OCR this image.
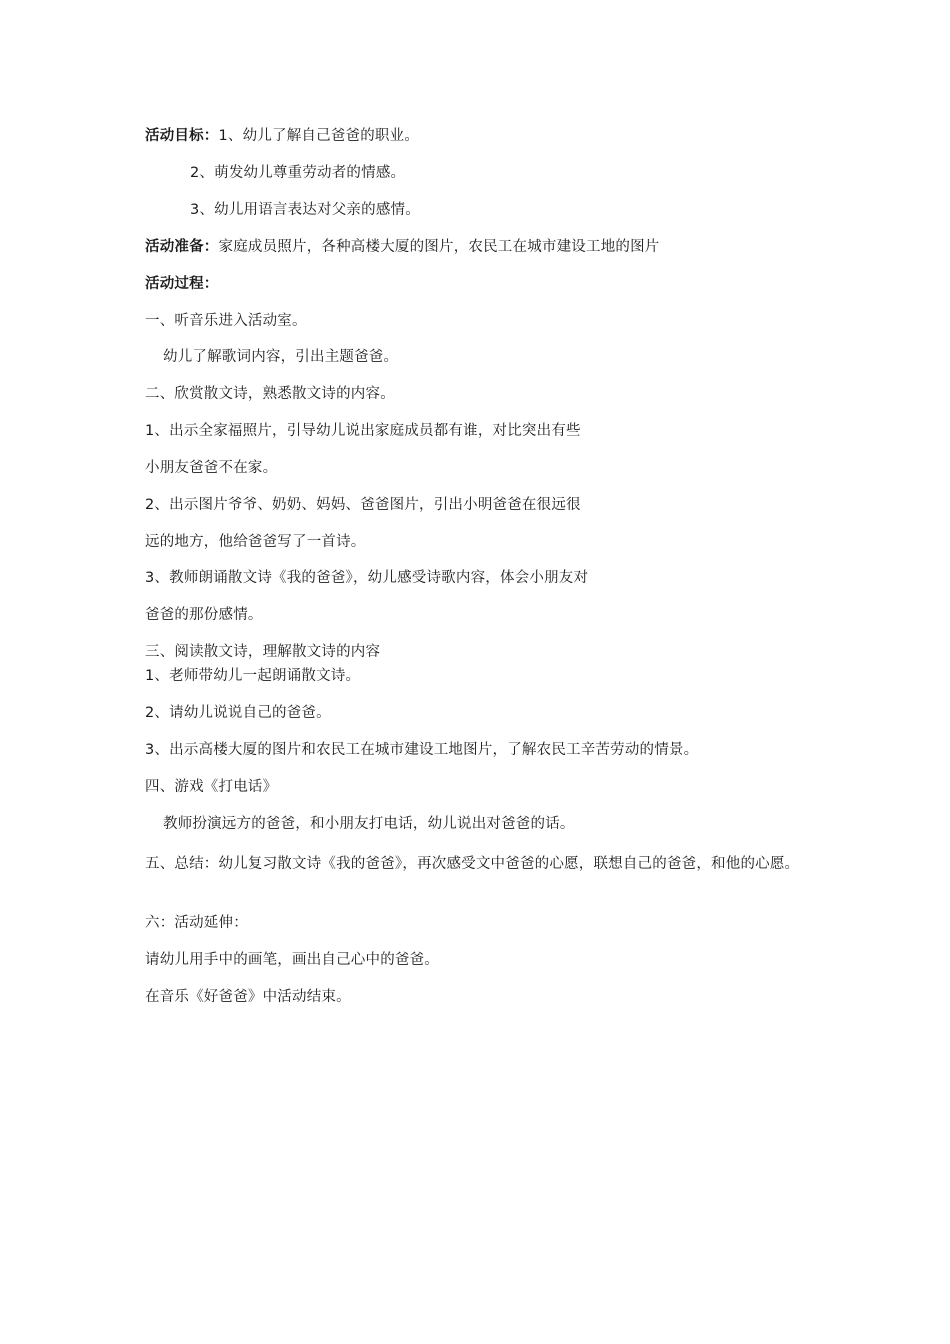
活动目标：1、幼儿了解自己爸爸的职业。
2、萌发幼儿尊重劳动者的情感。
3、幼儿用语言表达对父亲的感情。
活动准备：家庭成员照片，各种高楼大厦的图片，农民工在城市建设工地的图片
活动过程：
一、听音乐进入活动室。
幼儿了解歌词内容，引出主题爸爸。
二、欣赏散文诗，熟悉散文诗的内容。
1、出示全家福照片，引导幼儿说出家庭成员都有谁，对比突出有些
小朋友爸爸不在家。
2、出示图片爷爷、奶奶、妈妈、爸爸图片，引出小明爸爸在很远很
远的地方，他给爸爸写了一首诗。
3、教师朗诵散文诗《我的爸爸》，幼儿感受诗歌内容，体会小朋友对
爸爸的那份感情。
三、阅读散文诗，理解散文诗的内容
1、老师带幼儿一起朗诵散文诗。
2、请幼儿说说自己的爸爸。
3、出示高楼大厦的图片和农民工在城市建设工地图片，了解农民工辛苦劳动的情景。
四、游戏《打电话》
教师扮演远方的爸爸，和小朋友打电话，幼儿说出对爸爸的话。
五、总结：幼儿复习散文诗《我的爸爸》，再次感受文中爸爸的心愿，联想自己的爸爸，和他的心愿。
六：活动延伸：
请幼儿用手中的画笔，画出自己心中的爸爸。
在音乐《好爸爸》中活动结束。
